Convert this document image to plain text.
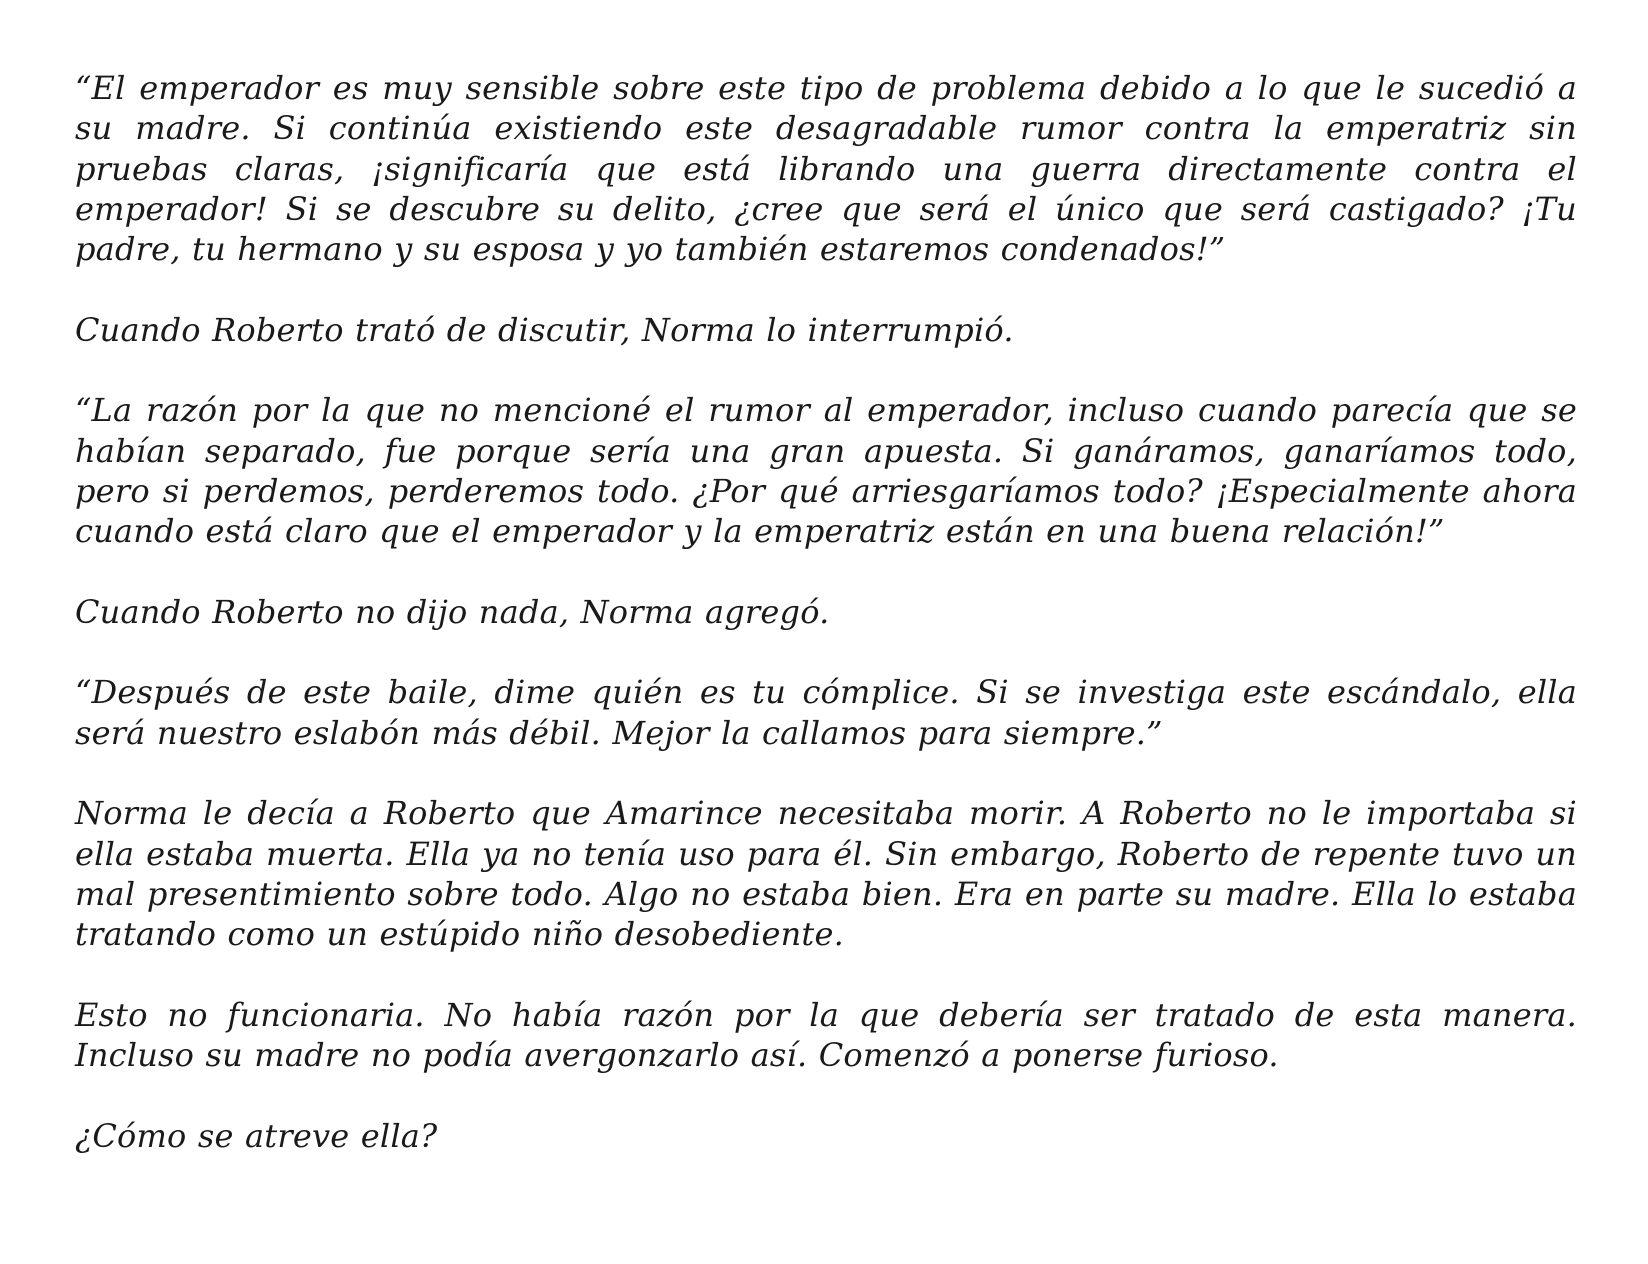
“El emperador es muy sensible sobre este tipo de problema debido a lo que le sucedió a su madre. Si continúa existiendo este desagradable rumor contra la emperatriz sin pruebas claras, ¡significaría que está librando una guerra directamente contra el emperador! Si se descubre su delito, ¿cree que será el único que será castigado? ¡Tu padre, tu hermano y su esposa y yo también estaremos condenados!”

Cuando Roberto trató de discutir, Norma lo interrumpió.

“La razón por la que no mencioné el rumor al emperador, incluso cuando parecía que se habían separado, fue porque sería una gran apuesta. Si ganáramos, ganaríamos todo, pero si perdemos, perderemos todo. ¿Por qué arriesgaríamos todo? ¡Especialmente ahora cuando está claro que el emperador y la emperatriz están en una buena relación!”

Cuando Roberto no dijo nada, Norma agregó.

“Después de este baile, dime quién es tu cómplice. Si se investiga este escándalo, ella será nuestro eslabón más débil. Mejor la callamos para siempre.”

Norma le decía a Roberto que Amarince necesitaba morir. A Roberto no le importaba si ella estaba muerta. Ella ya no tenía uso para él. Sin embargo, Roberto de repente tuvo un mal presentimiento sobre todo. Algo no estaba bien. Era en parte su madre. Ella lo estaba tratando como un estúpido niño desobediente.

Esto no funcionaria. No había razón por la que debería ser tratado de esta manera. Incluso su madre no podía avergonzarlo así. Comenzó a ponerse furioso.

¿Cómo se atreve ella?
